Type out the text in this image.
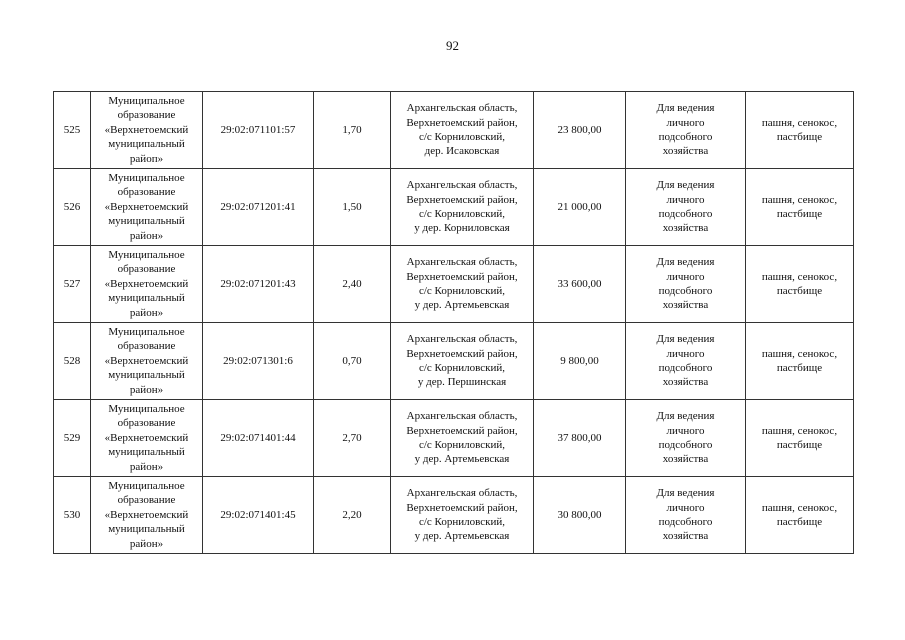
92
525	Муниципальное
образование
«Верхнетоемский
муниципальный
райоп»	29:02:071101:57	1,70	Архангельская область,
Верхнетоемский район,
с/с Корниловский,
дер. Исаковская	23 800,00	Для ведения
личного
подсобного
хозяйства	пашня, сенокос,
пастбище
526	Муниципальное
образование
«Верхнетоемский
муниципальный
район»	29:02:071201:41	1,50	Архангельская область,
Верхнетоемский район,
с/с Корниловский,
у дер. Корниловская	21 000,00	Для ведения
личного
подсобного
хозяйства	пашня, сенокос,
пастбище
527	Муниципальное
образование
«Верхнетоемский
муниципальный
район»	29:02:071201:43	2,40	Архангельская область,
Верхнетоемский район,
с/с Корниловский,
у дер. Артемьевская	33 600,00	Для ведения
личного
подсобного
хозяйства	пашня, сенокос,
пастбище
528	Муниципальное
образование
«Верхнетоемский
муниципальный
район»	29:02:071301:6	0,70	Архангельская область,
Верхнетоемский район,
с/с Корниловский,
у дер. Першинская	9 800,00	Для ведения
личного
подсобного
хозяйства	пашня, сенокос,
пастбище
529	Муниципальное
образование
«Верхнетоемский
муниципальный
район»	29:02:071401:44	2,70	Архангельская область,
Верхнетоемский район,
с/с Корниловский,
у дер. Артемьевская	37 800,00	Для ведения
личного
подсобного
хозяйства	пашня, сенокос,
пастбище
530	Муниципальное
образование
«Верхнетоемский
муниципальный
район»	29:02:071401:45	2,20	Архангельская область,
Верхнетоемский район,
с/с Корниловский,
у дер. Артемьевская	30 800,00	Для ведения
личного
подсобного
хозяйства	пашня, сенокос,
пастбище
